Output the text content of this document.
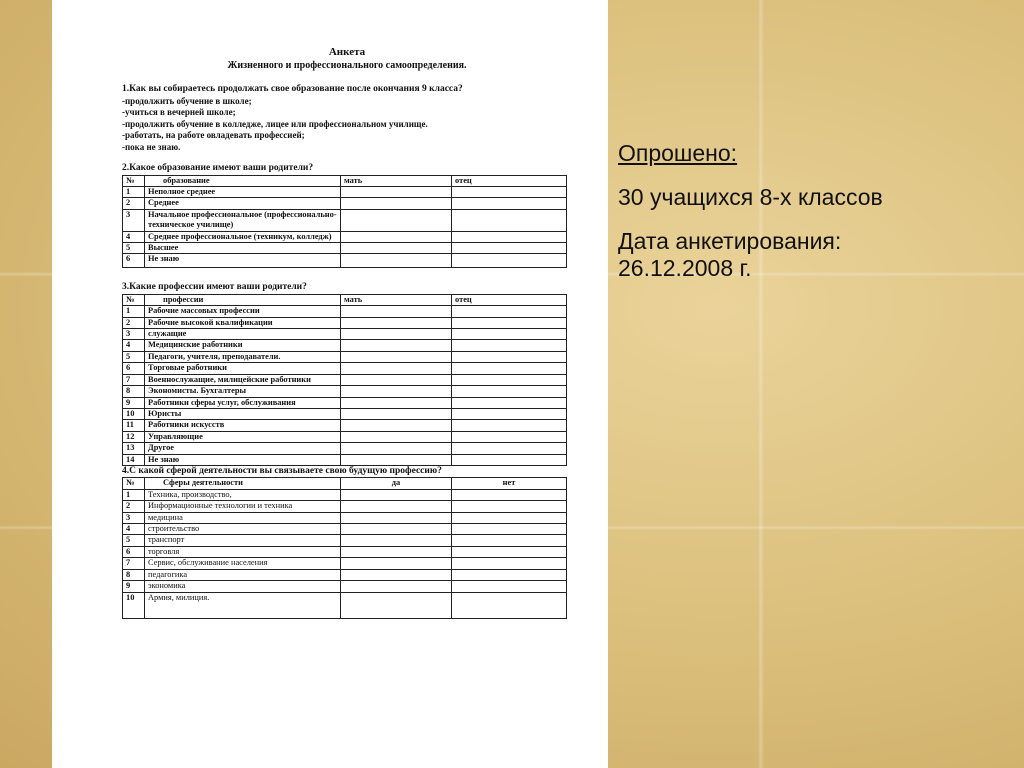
Анкета
Жизненного и профессионального самоопределения.
1.Как вы собираетесь продолжать свое образование после окончания 9 класса?
-продолжить обучение в школе;
-учиться в вечерней школе;
-продолжить обучение в колледже, лицее или профессиональном училище.
-работать, на работе овладевать профессией;
-пока не знаю.
2.Какое образование имеют ваши родители?
№	образование	мать	отец
1	Неполное среднее		
2	Среднее		
3	Начальное профессиональное (профессионально-техническое училище)		
4	Среднее профессиональное (техникум, колледж)		
5	Высшее		
6	Не знаю		
3.Какие профессии имеют ваши родители?
№	профессии	мать	отец
1	Рабочие массовых профессии		
2	Рабочие высокой квалификации		
3	служащие		
4	Медицинские работники		
5	Педагоги, учителя, преподаватели.		
6	Торговые работники		
7	Военнослужащие, милицейские работники		
8	Экономисты. Бухгалтеры		
9	Работники сферы услуг, обслуживания		
10	Юристы		
11	Работники искусств		
12	Управляющие		
13	Другое		
14	Не знаю		
4.С какой сферой деятельности вы связываете свою будущую профессию?
№	Сферы деятельности	да	нет
1	Техника, производство,		
2	Информационные технологии и техника		
3	медицина		
4	строительство		
5	транспорт		
6	торговля		
7	Сервис, обслуживание населения		
8	педагогика		
9	экономика		
10	Армия, милиция.		
Опрошено:
30 учащихся 8-х классов
Дата анкетирования:
26.12.2008 г.
